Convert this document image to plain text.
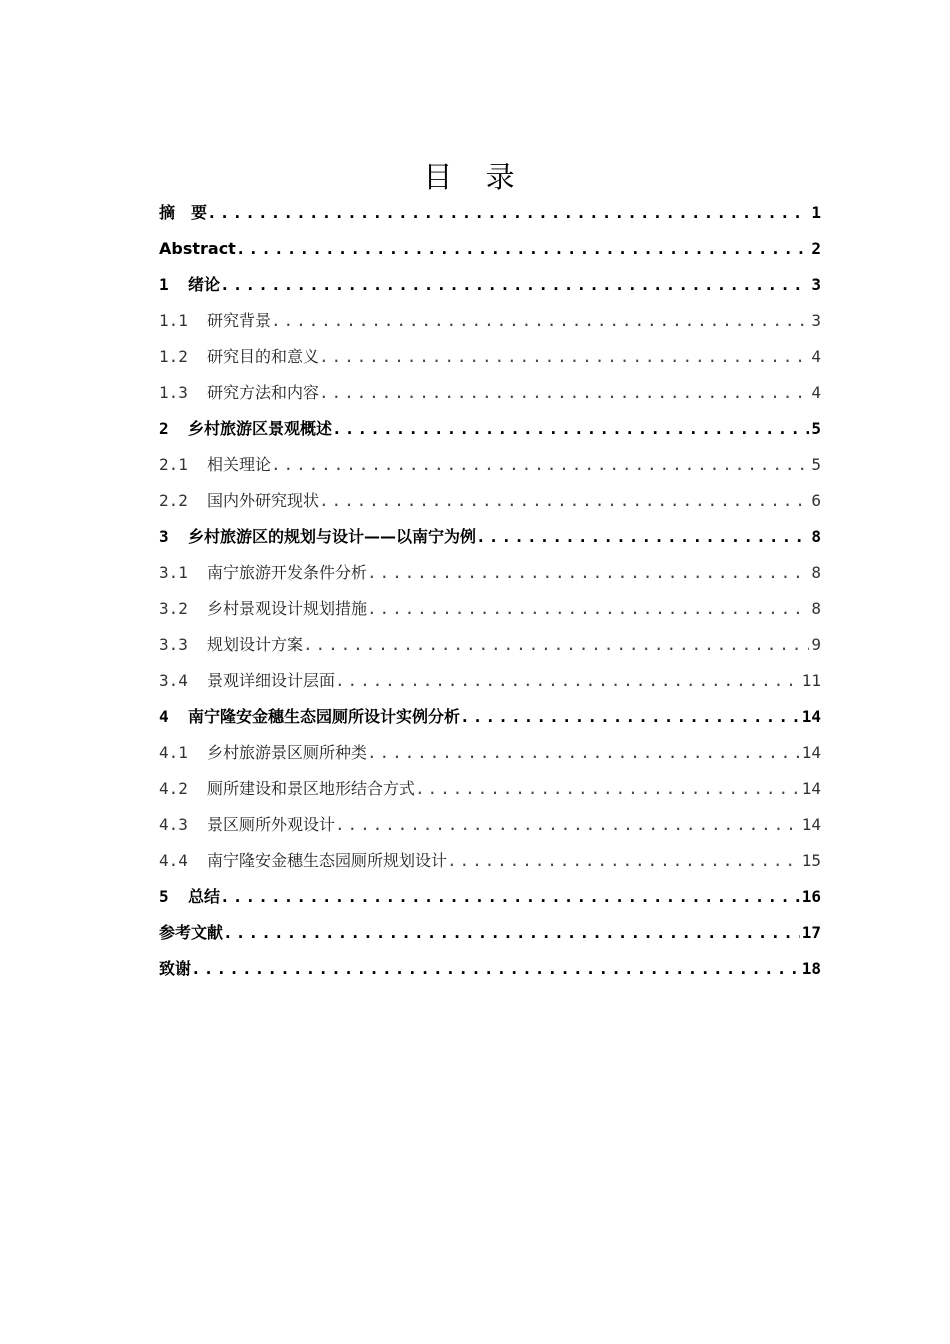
目 录
摘　要 .....	1
Abstract .....	2
1	绪论 .....	3
1.1	研究背景 .....	3
1.2	研究目的和意义 .....	4
1.3	研究方法和内容 .....	4
2	乡村旅游区景观概述 .....	5
2.1	相关理论 .....	5
2.2	国内外研究现状 .....	6
3	乡村旅游区的规划与设计——以南宁为例 .....	8
3.1	南宁旅游开发条件分析 .....	8
3.2	乡村景观设计规划措施 .....	8
3.3	规划设计方案 .....	9
3.4	景观详细设计层面 .....	11
4	南宁隆安金穗生态园厕所设计实例分析 .....	14
4.1	乡村旅游景区厕所种类 .....	14
4.2	厕所建设和景区地形结合方式 .....	14
4.3	景区厕所外观设计 .....	14
4.4	南宁隆安金穗生态园厕所规划设计 .....	15
5	总结 .....	16
参考文献 .....	17
致谢 .....	18
